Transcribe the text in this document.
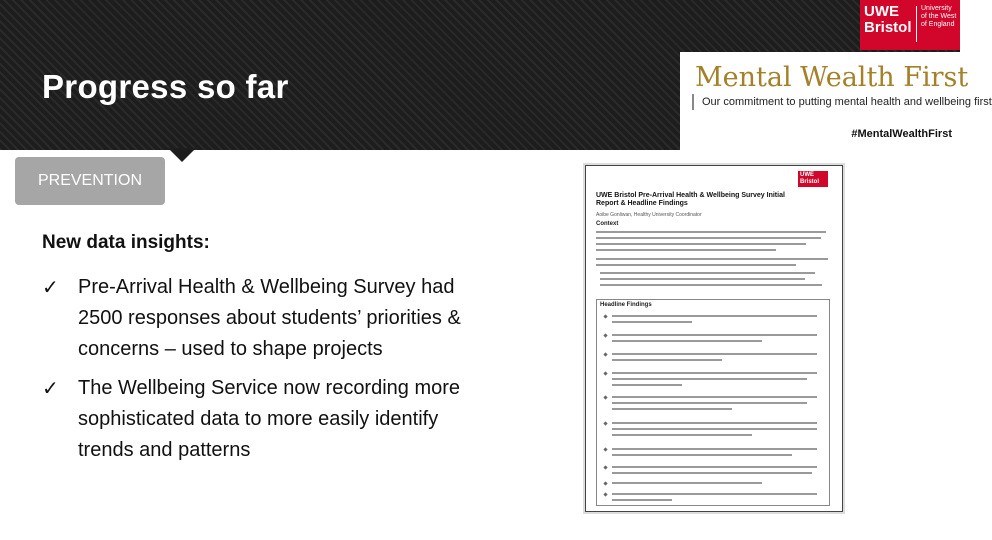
Progress so far
UWE
Bristol
University of the West of England
Mental Wealth First
Our commitment to putting mental health and wellbeing first
#MentalWealthFirst
PREVENTION
New data insights:
✓ Pre-Arrival Health & Wellbeing Survey had 2500 responses about students’ priorities & concerns – used to shape projects
✓ The Wellbeing Service now recording more sophisticated data to more easily identify trends and patterns
UWE Bristol
UWE Bristol Pre-Arrival Health & Wellbeing Survey Initial Report & Headline Findings
Aoibe Gonliwan, Healthy University Coordinator
Context
Headline Findings
